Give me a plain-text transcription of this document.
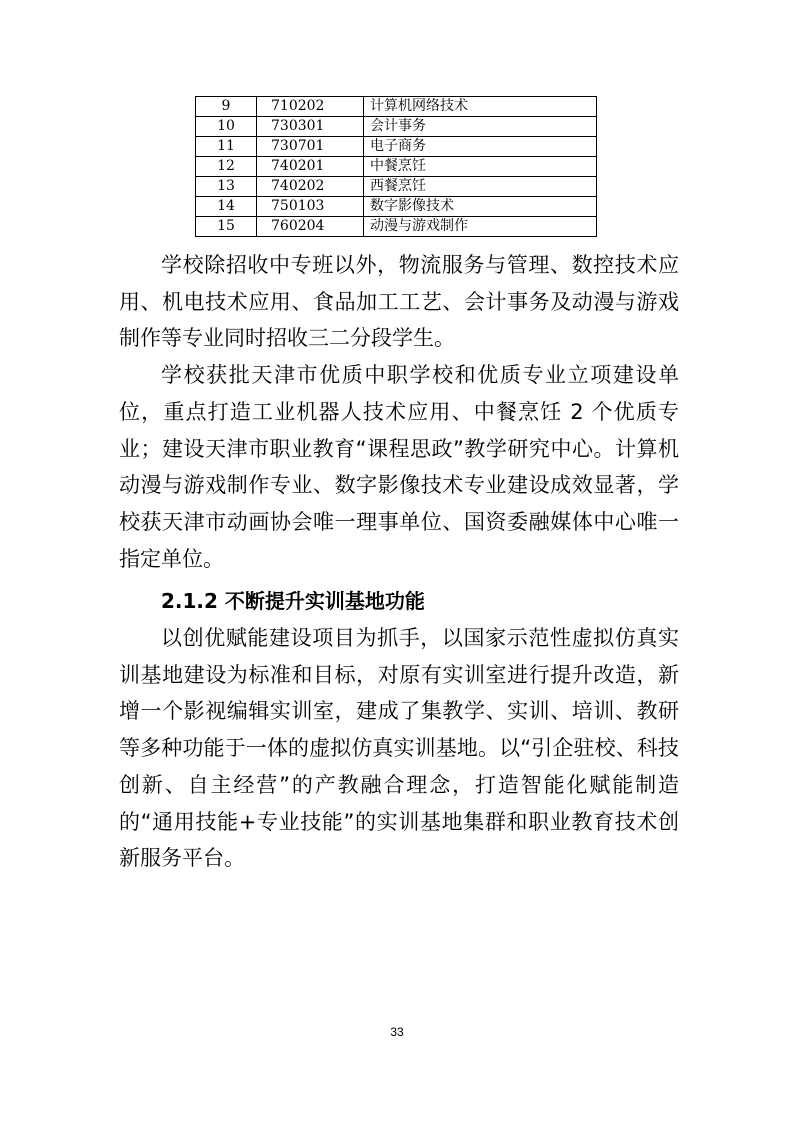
9	710202	计算机网络技术
10	730301	会计事务
11	730701	电子商务
12	740201	中餐烹饪
13	740202	西餐烹饪
14	750103	数字影像技术
15	760204	动漫与游戏制作

学校除招收中专班以外，物流服务与管理、数控技术应用、机电技术应用、食品加工工艺、会计事务及动漫与游戏制作等专业同时招收三二分段学生。

学校获批天津市优质中职学校和优质专业立项建设单位，重点打造工业机器人技术应用、中餐烹饪 2 个优质专业；建设天津市职业教育“课程思政”教学研究中心。计算机动漫与游戏制作专业、数字影像技术专业建设成效显著，学校获天津市动画协会唯一理事单位、国资委融媒体中心唯一指定单位。

2.1.2 不断提升实训基地功能

以创优赋能建设项目为抓手，以国家示范性虚拟仿真实训基地建设为标准和目标，对原有实训室进行提升改造，新增一个影视编辑实训室，建成了集教学、实训、培训、教研等多种功能于一体的虚拟仿真实训基地。以“引企驻校、科技创新、自主经营”的产教融合理念，打造智能化赋能制造的“通用技能+专业技能”的实训基地集群和职业教育技术创新服务平台。

33
